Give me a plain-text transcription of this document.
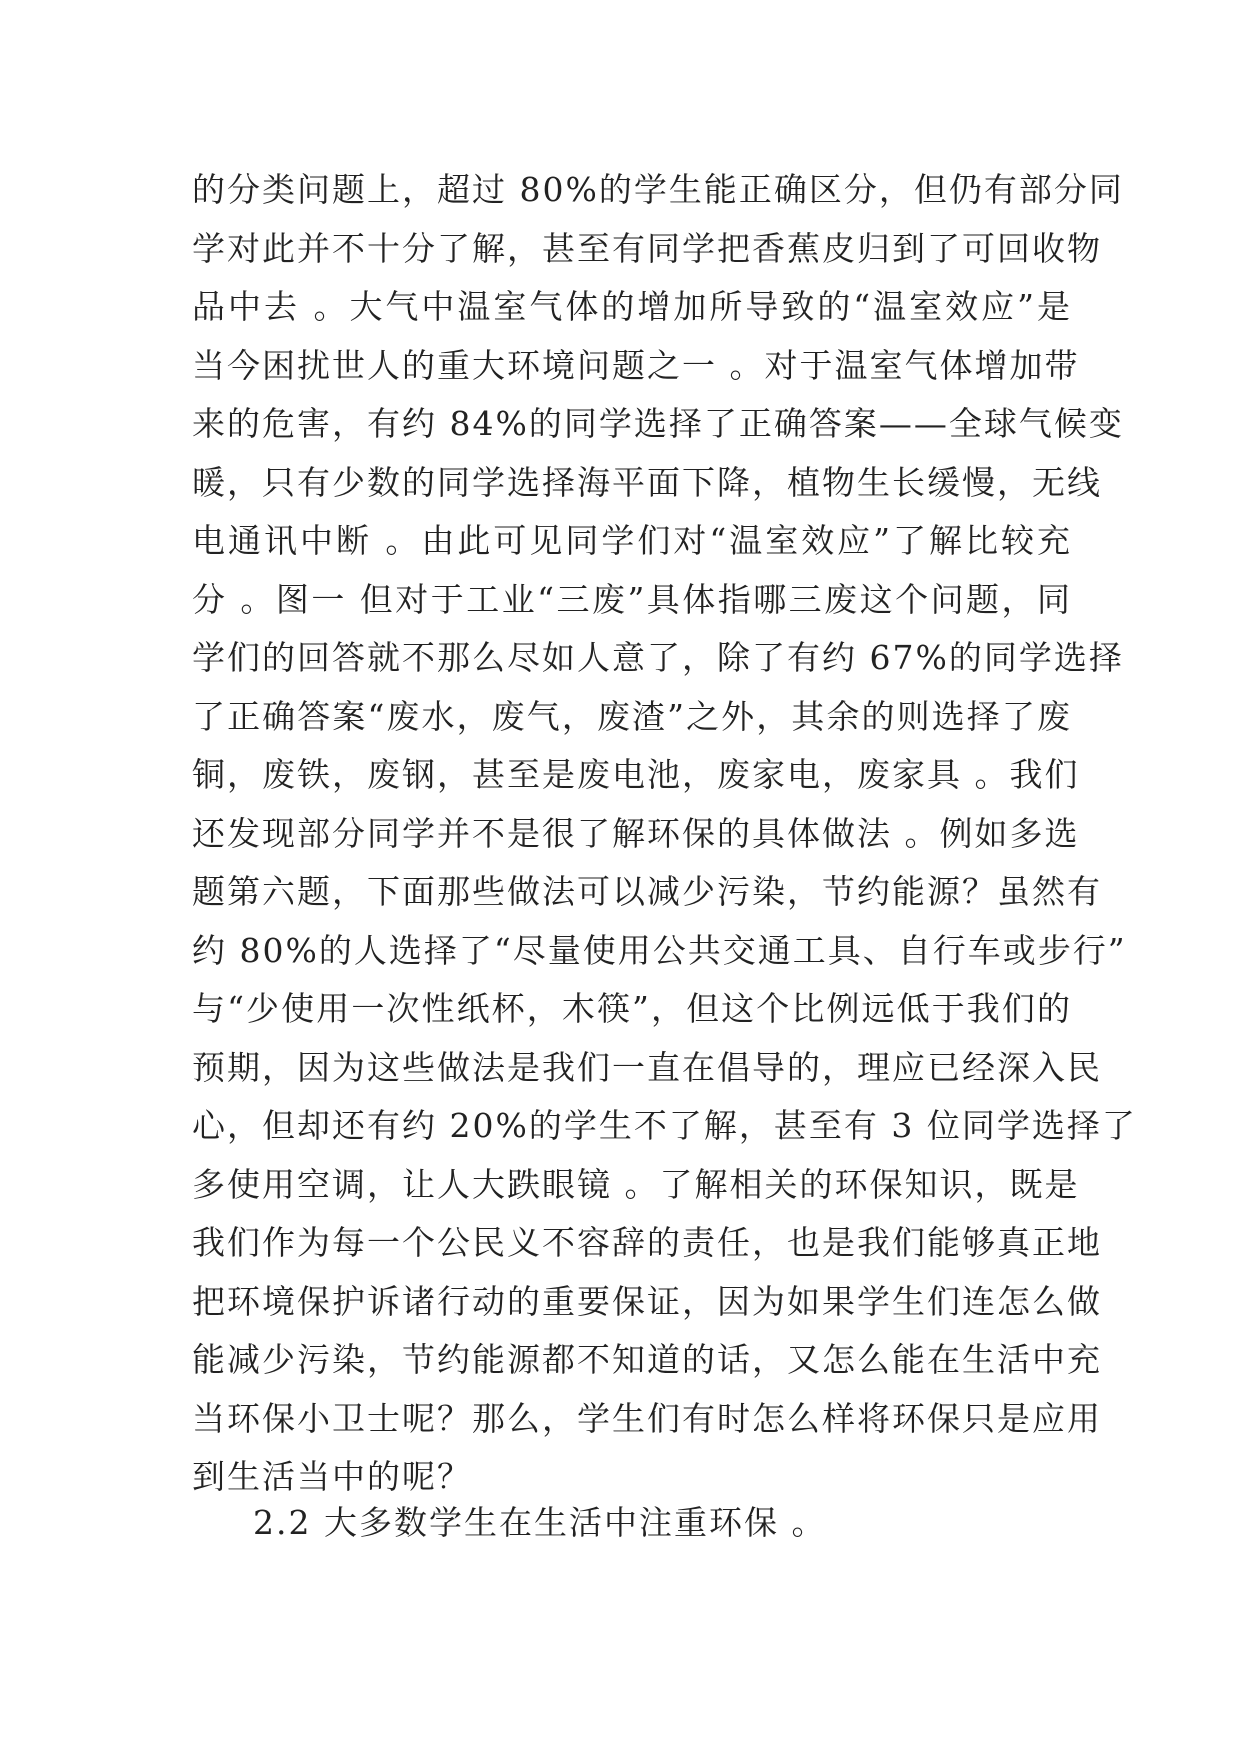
的分类问题上，超过 80%的学生能正确区分，但仍有部分同
学对此并不十分了解，甚至有同学把香蕉皮归到了可回收物
品中去 。大气中温室气体的增加所导致的“温室效应”是
当今困扰世人的重大环境问题之一 。对于温室气体增加带
来的危害，有约 84%的同学选择了正确答案——全球气候变
暖，只有少数的同学选择海平面下降，植物生长缓慢，无线
电通讯中断 。由此可见同学们对“温室效应”了解比较充
分 。图一 但对于工业“三废”具体指哪三废这个问题，同
学们的回答就不那么尽如人意了，除了有约 67%的同学选择
了正确答案“废水，废气，废渣”之外，其余的则选择了废
铜，废铁，废钢，甚至是废电池，废家电，废家具 。我们
还发现部分同学并不是很了解环保的具体做法 。例如多选
题第六题，下面那些做法可以减少污染，节约能源？虽然有
约 80%的人选择了“尽量使用公共交通工具、自行车或步行”
与“少使用一次性纸杯，木筷”，但这个比例远低于我们的
预期，因为这些做法是我们一直在倡导的，理应已经深入民
心，但却还有约 20%的学生不了解，甚至有 3 位同学选择了
多使用空调，让人大跌眼镜 。了解相关的环保知识，既是
我们作为每一个公民义不容辞的责任，也是我们能够真正地
把环境保护诉诸行动的重要保证，因为如果学生们连怎么做
能减少污染，节约能源都不知道的话，又怎么能在生活中充
当环保小卫士呢？那么，学生们有时怎么样将环保只是应用
到生活当中的呢？

2.2 大多数学生在生活中注重环保 。
